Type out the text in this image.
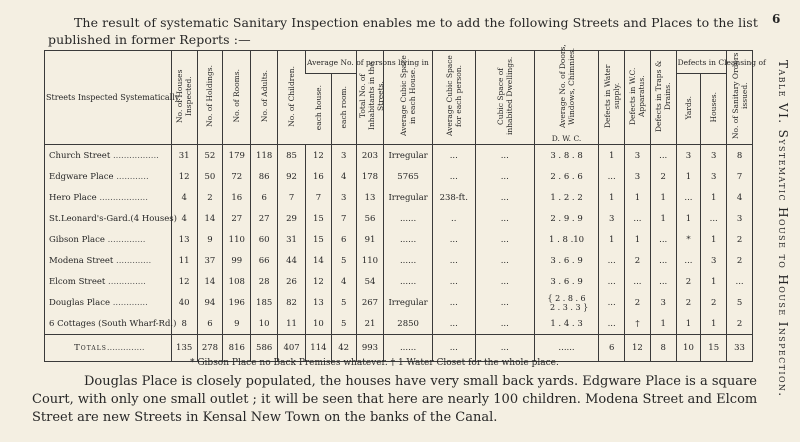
6
Table VI. Systematic House to House Inspection.
The result of systematic Sanitary Inspection enables me to add the following Streets and Places to the list published in former Reports :—
Streets Inspected Systematically.	No. of Houses Inspected.	No. of Holdings.	No. of Rooms.	No. of Adults.	No. of Children.	Average No. of persons living in		Total No. of Inhabitants in the Streets.	Average Cubic Space in each House.	Average Cubic Space for each person.	Cubic Space of inhabited Dwellings.	Average No. of Doors, Windows, Chimnies.
D. W. C.	Defects in Water supply.	Defects in W.C. Apparatus.	Defects in Traps & Drains.	Defects in Cleansing of		No. of Sanitary Orders issued.
						each house.	each room.									Yards.	Houses.	
Church Street .................	31	52	179	118	85	12	3	203	Irregular	...	...	3 . 8 . 8	1	3	...	3	3	8
Edgware Place ............	12	50	72	86	92	16	4	178	5765	...	...	2 . 6 . 6	...	3	2	1	3	7
Hero Place ..................	4	2	16	6	7	7	3	13	Irregular	238-ft.	...	1 . 2 . 2	1	1	1	...	1	4
St.Leonard's-Gard.(4 Houses)	4	14	27	27	29	15	7	56	......	..	...	2 . 9 . 9	3	...	1	1	...	3
Gibson Place ..............	13	9	110	60	31	15	6	91	......	...	...	1 . 8 .10	1	1	...	*	1	2
Modena Street .............	11	37	99	66	44	14	5	110	......	...	...	3 . 6 . 9	...	2	...	...	3	2
Elcom Street ..............	12	14	108	28	26	12	4	54	......	...	...	3 . 6 . 9	...	...	...	2	1	...
Douglas Place .............	40	94	196	185	82	13	5	267	Irregular	...	...	{ 2 . 8 . 6
2 . 3 . 3 }	...	2	3	2	2	5
6 Cottages (South Wharf-Rd.)	8	6	9	10	11	10	5	21	2850	...	...	1 . 4 . 3	...	†	1	1	1	2
Totals..............	135	278	816	586	407	114	42	993	......	...	...	......	6	12	8	10	15	33
* Gibson Place no Back Premises whatever. † 1 Water Closet for the whole place.
Douglas Place is closely populated, the houses have very small back yards. Edgware Place is a square Court, with only one small outlet ; it will be seen that here are nearly 100 children. Modena Street and Elcom Street are new Streets in Kensal New Town on the banks of the Canal.
